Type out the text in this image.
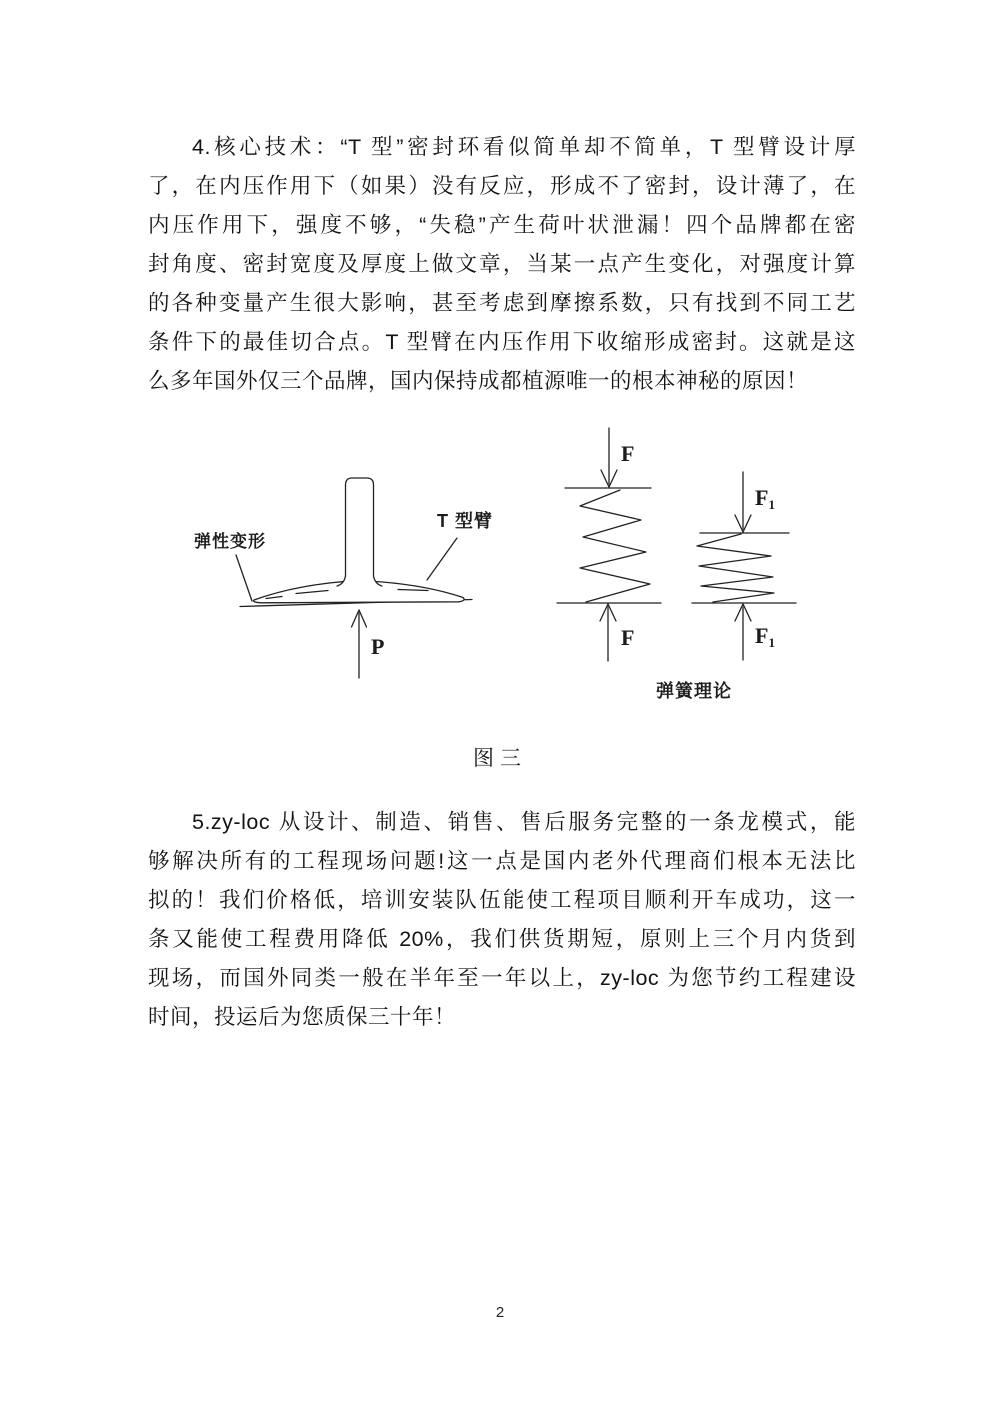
4.核心技术：“T 型”密封环看似简单却不简单，T 型臂设计厚
了，在内压作用下（如果）没有反应，形成不了密封，设计薄了，在
内压作用下，强度不够，“失稳”产生荷叶状泄漏！四个品牌都在密
封角度、密封宽度及厚度上做文章，当某一点产生变化，对强度计算
的各种变量产生很大影响，甚至考虑到摩擦系数，只有找到不同工艺
条件下的最佳切合点。T 型臂在内压作用下收缩形成密封。这就是这
么多年国外仅三个品牌，国内保持成都植源唯一的根本神秘的原因！
弹性变形
T 型臂
P
F
F
$F_1$
$F_1$
弹簧理论
图三
5.zy-loc 从设计、制造、销售、售后服务完整的一条龙模式，能
够解决所有的工程现场问题!这一点是国内老外代理商们根本无法比
拟的！我们价格低，培训安装队伍能使工程项目顺利开车成功，这一
条又能使工程费用降低 20%，我们供货期短，原则上三个月内货到
现场，而国外同类一般在半年至一年以上，zy-loc 为您节约工程建设
时间，投运后为您质保三十年！
2
